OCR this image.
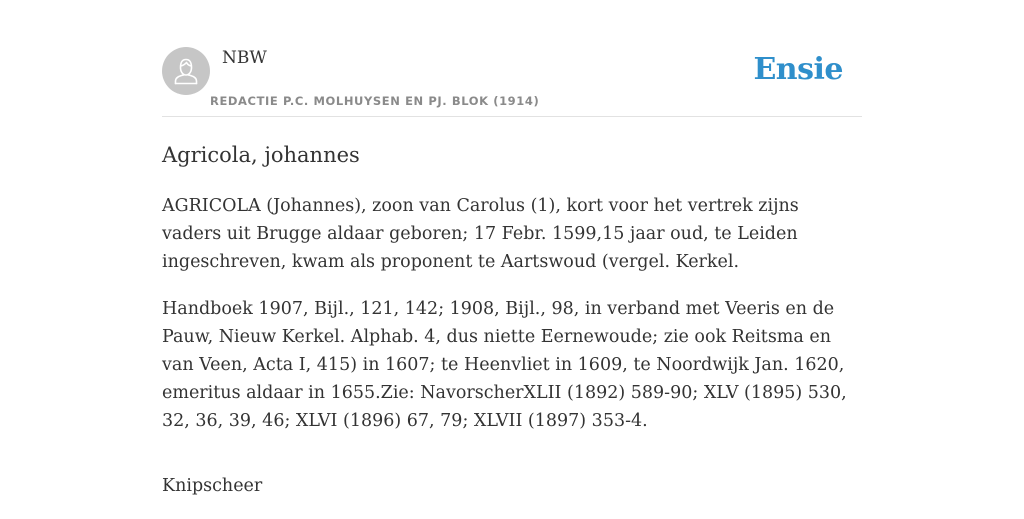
NBW
REDACTIE P.C. MOLHUYSEN EN PJ. BLOK (1914)
Ensie
Agricola, johannes

AGRICOLA (Johannes), zoon van Carolus (1), kort voor het vertrek zijns vaders uit Brugge aldaar geboren; 17 Febr. 1599,15 jaar oud, te Leiden ingeschreven, kwam als proponent te Aartswoud (vergel. Kerkel.

Handboek 1907, Bijl., 121, 142; 1908, Bijl., 98, in verband met Veeris en de Pauw, Nieuw Kerkel. Alphab. 4, dus niette Eernewoude; zie ook Reitsma en van Veen, Acta I, 415) in 1607; te Heenvliet in 1609, te Noordwijk Jan. 1620, emeritus aldaar in 1655.Zie: NavorscherXLII (1892) 589-90; XLV (1895) 530, 32, 36, 39, 46; XLVI (1896) 67, 79; XLVII (1897) 353-4.

Knipscheer
